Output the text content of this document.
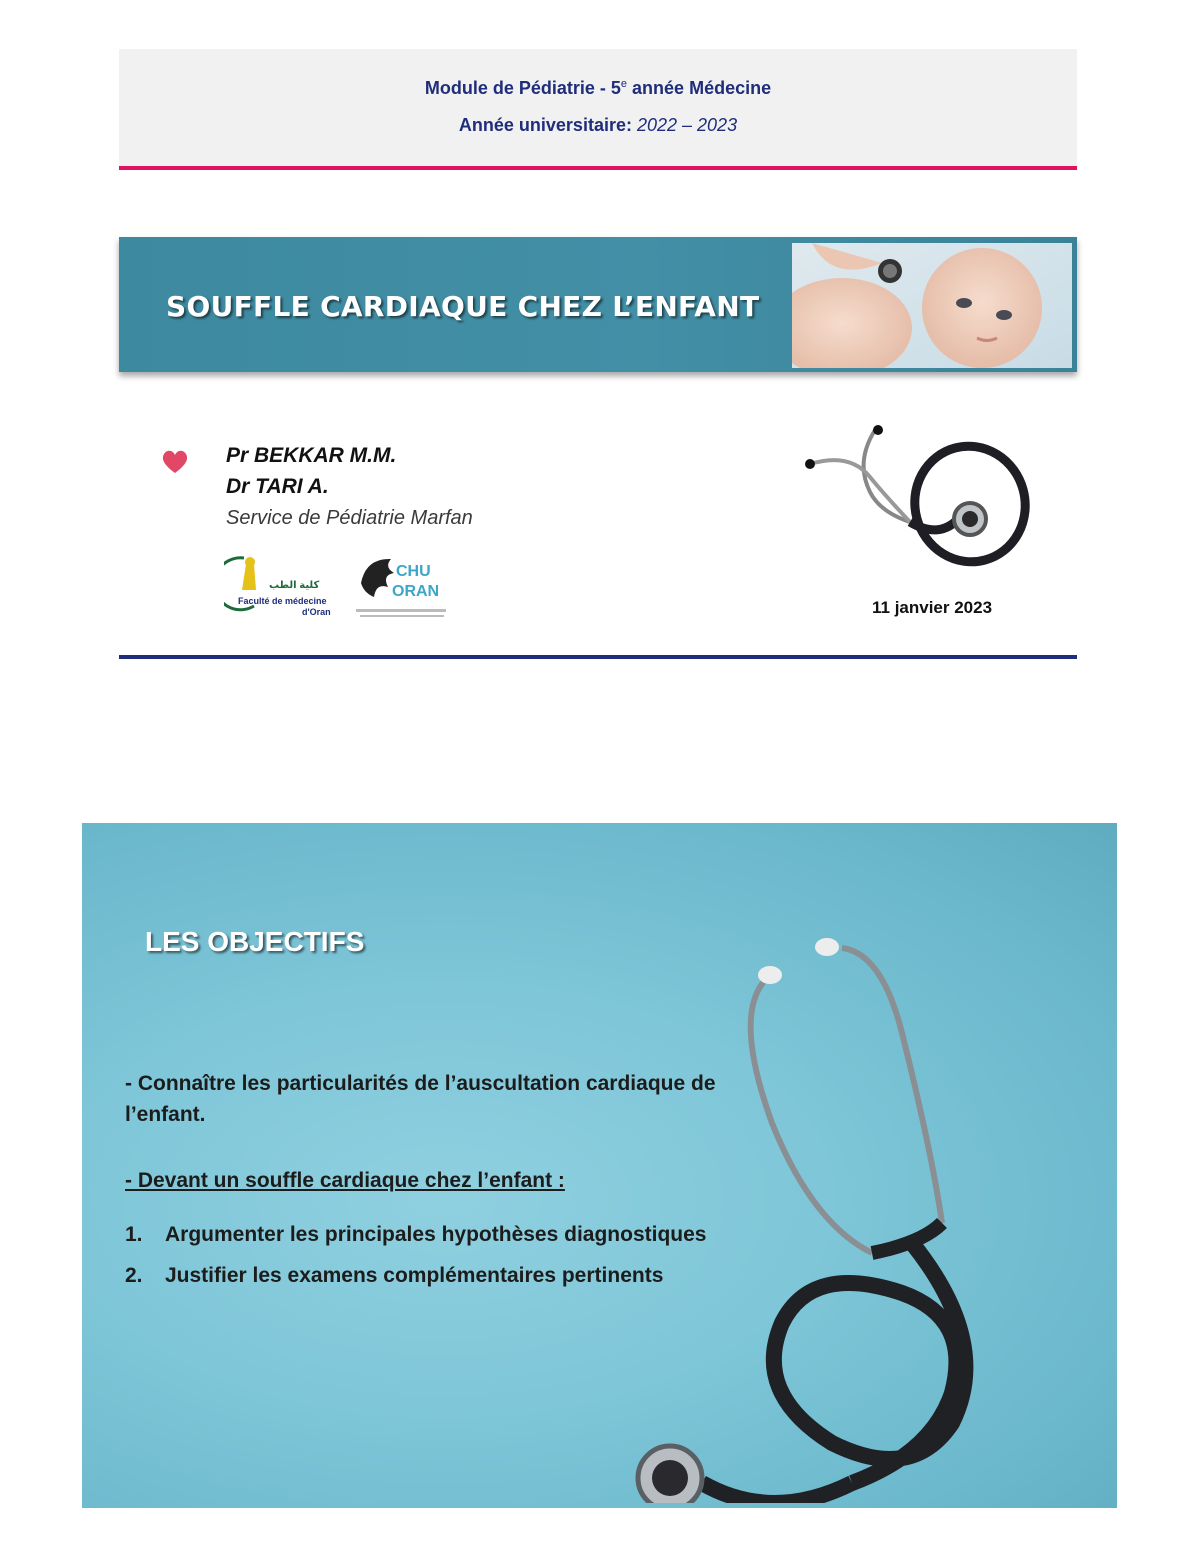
Module de Pédiatrie - 5e année Médecine
Année universitaire: 2022 – 2023
SOUFFLE CARDIAQUE CHEZ L’ENFANT
Pr BEKKAR M.M.
Dr TARI A.
Service de Pédiatrie Marfan
كلية الطب
Faculté de médecine
d'Oran
CHU
ORAN
11 janvier 2023
LES OBJECTIFS
- Connaître les particularités de l’auscultation cardiaque de l’enfant.
- Devant un souffle cardiaque chez l’enfant :
1. Argumenter les principales hypothèses diagnostiques
2. Justifier les examens complémentaires pertinents
